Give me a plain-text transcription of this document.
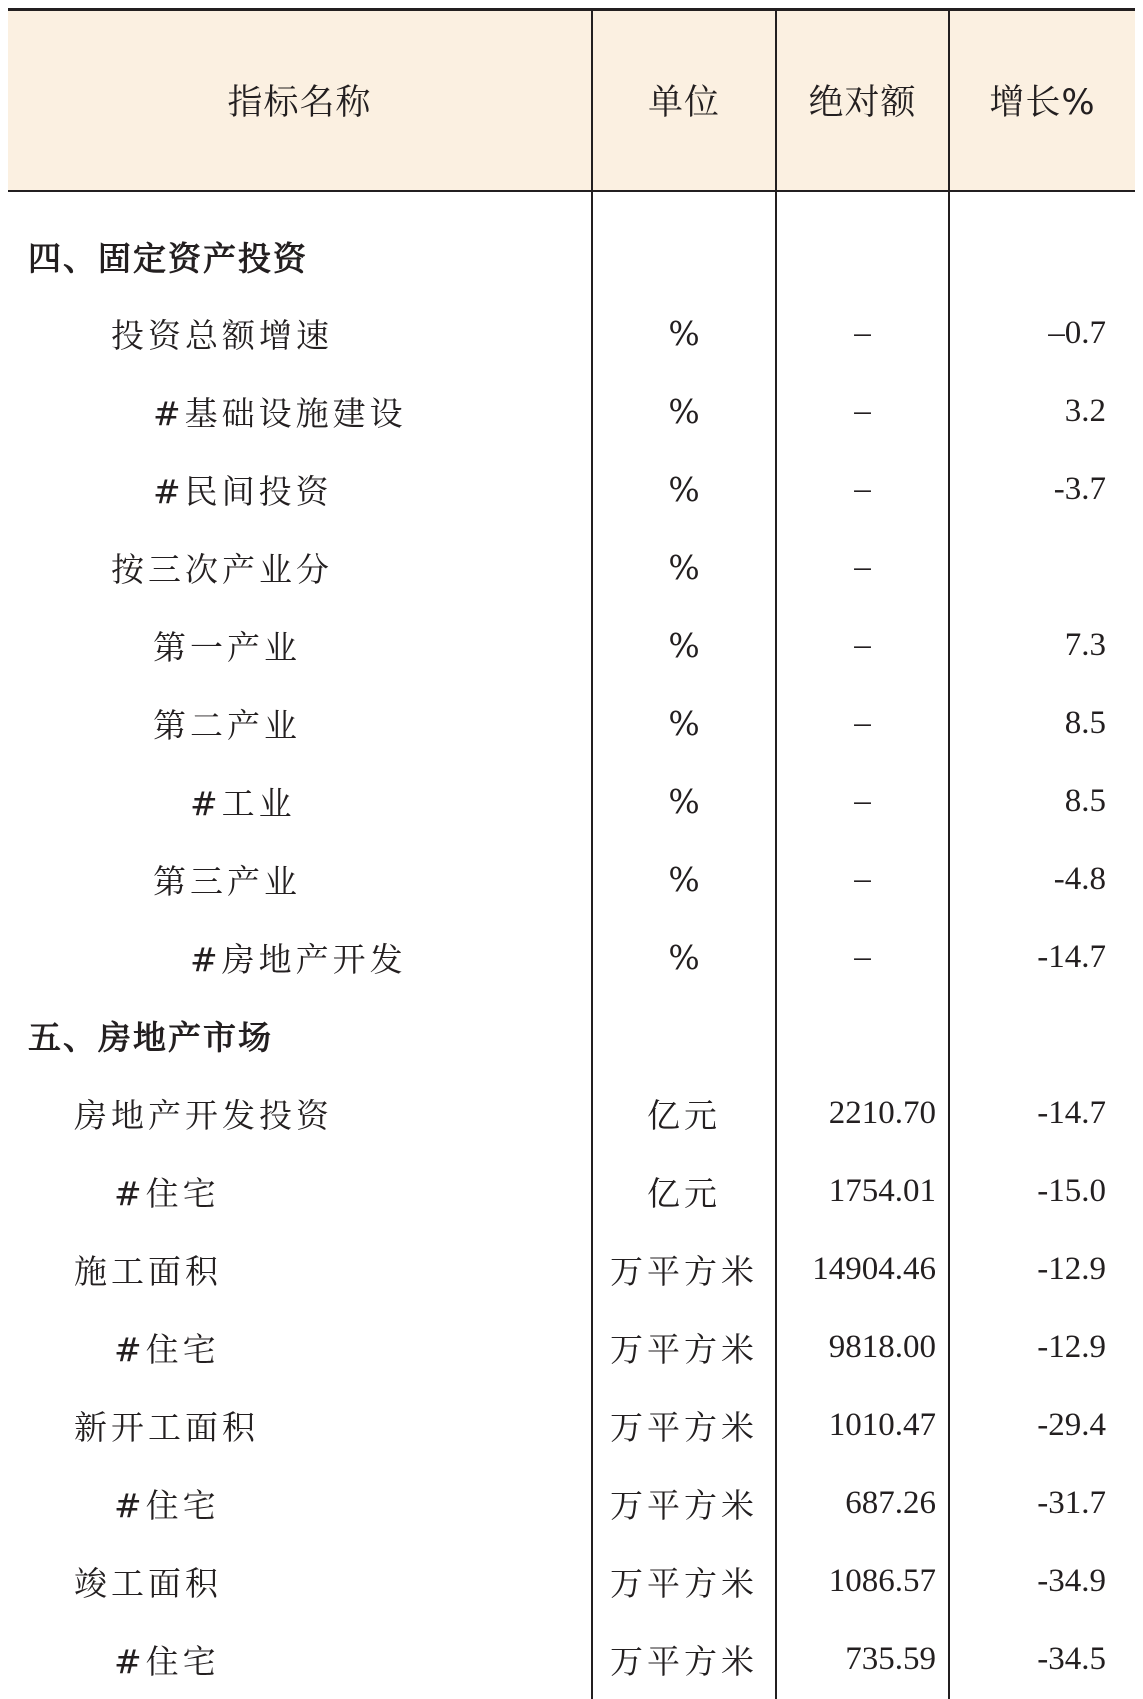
指标名称	单位	绝对额	增长%
四、固定资产投资			
投资总额增速	%	–	–0.7
#基础设施建设	%	–	3.2
#民间投资	%	–	-3.7
按三次产业分	%	–	
第一产业	%	–	7.3
第二产业	%	–	8.5
#工业	%	–	8.5
第三产业	%	–	-4.8
#房地产开发	%	–	-14.7
五、房地产市场			
房地产开发投资	亿元	2210.70	-14.7
#住宅	亿元	1754.01	-15.0
施工面积	万平方米	14904.46	-12.9
#住宅	万平方米	9818.00	-12.9
新开工面积	万平方米	1010.47	-29.4
#住宅	万平方米	687.26	-31.7
竣工面积	万平方米	1086.57	-34.9
#住宅	万平方米	735.59	-34.5
